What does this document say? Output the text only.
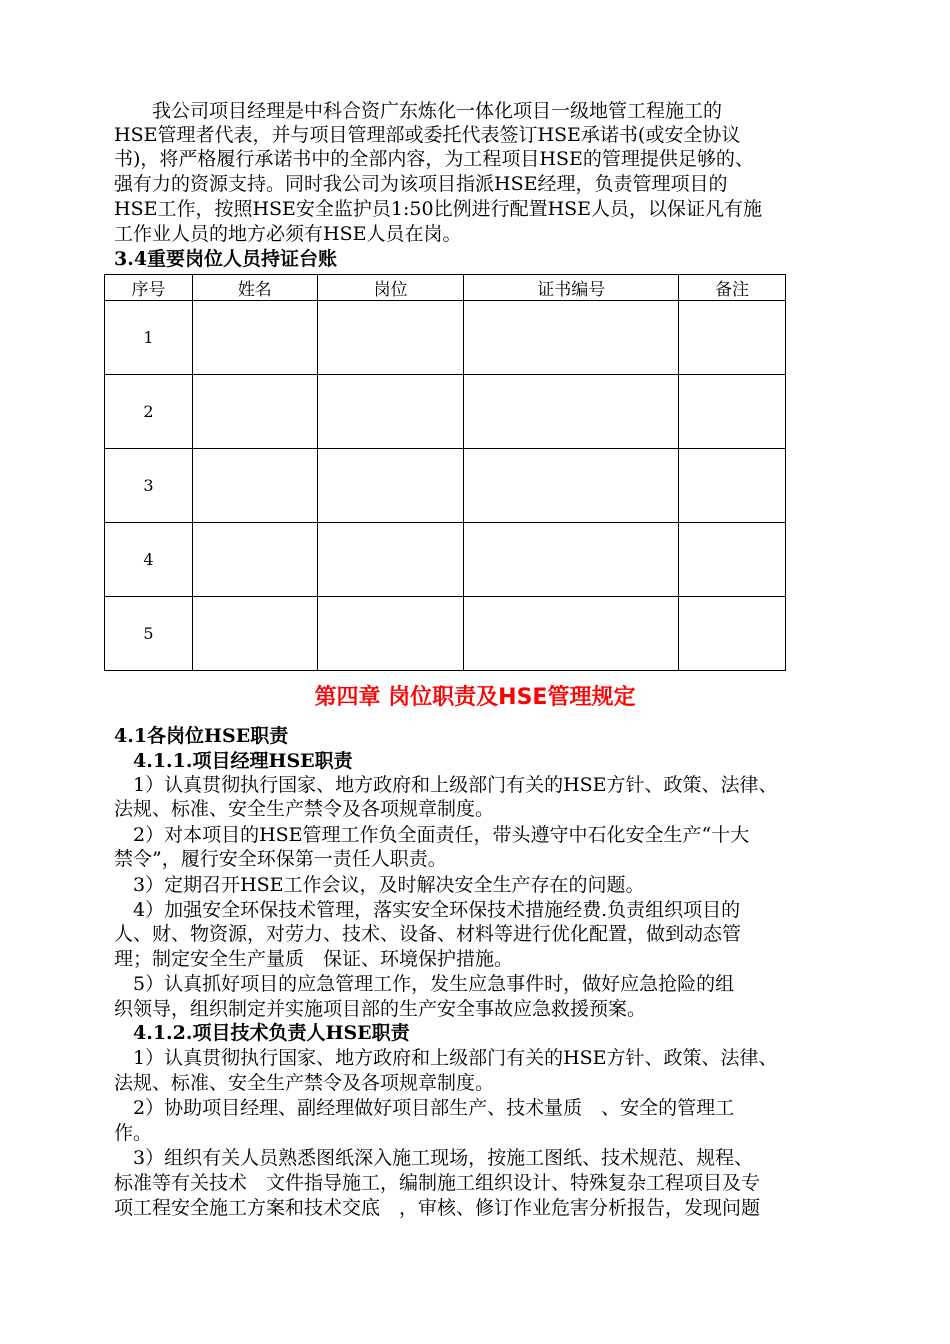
　　我公司项目经理是中科合资广东炼化一体化项目一级地管工程施工的
HSE管理者代表，并与项目管理部或委托代表签订HSE承诺书(或安全协议
书)，将严格履行承诺书中的全部内容，为工程项目HSE的管理提供足够的、
强有力的资源支持。同时我公司为该项目指派HSE经理，负责管理项目的
HSE工作，按照HSE安全监护员1:50比例进行配置HSE人员，以保证凡有施
工作业人员的地方必须有HSE人员在岗。
3.4重要岗位人员持证台账
序号	姓名	岗位	证书编号	备注
1				
2				
3				
4				
5				
第四章 岗位职责及HSE管理规定
4.1各岗位HSE职责
　4.1.1.项目经理HSE职责
　1）认真贯彻执行国家、地方政府和上级部门有关的HSE方针、政策、法律、
法规、标准、安全生产禁令及各项规章制度。
　2）对本项目的HSE管理工作负全面责任，带头遵守中石化安全生产“十大
禁令”，履行安全环保第一责任人职责。
　3）定期召开HSE工作会议，及时解决安全生产存在的问题。
　4）加强安全环保技术管理，落实安全环保技术措施经费.负责组织项目的
人、财、物资源，对劳力、技术、设备、材料等进行优化配置，做到动态管
理；制定安全生产量质　保证、环境保护措施。
　5）认真抓好项目的应急管理工作，发生应急事件时，做好应急抢险的组
织领导，组织制定并实施项目部的生产安全事故应急救援预案。
　4.1.2.项目技术负责人HSE职责
　1）认真贯彻执行国家、地方政府和上级部门有关的HSE方针、政策、法律、
法规、标准、安全生产禁令及各项规章制度。
　2）协助项目经理、副经理做好项目部生产、技术量质　、安全的管理工
作。
　3）组织有关人员熟悉图纸深入施工现场，按施工图纸、技术规范、规程、
标准等有关技术　文件指导施工，编制施工组织设计、特殊复杂工程项目及专
项工程安全施工方案和技术交底　，审核、修订作业危害分析报告，发现问题
